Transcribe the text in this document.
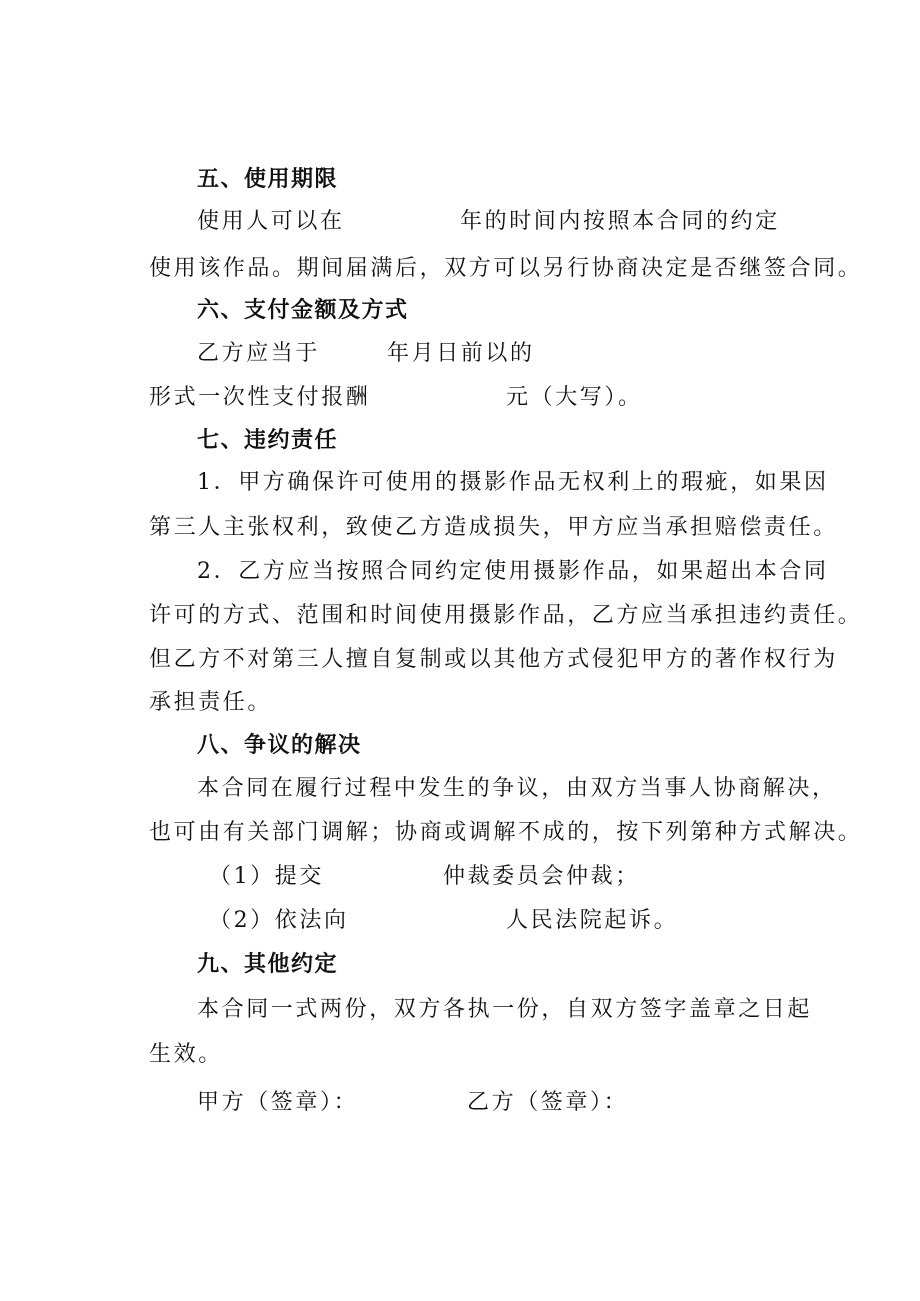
五、使用期限
使用人可以在	年的时间内按照本合同的约定
使用该作品。期间届满后，双方可以另行协商决定是否继签合同。
六、支付金额及方式
乙方应当于	年月日前以的
形式一次性支付报酬	元（大写）。
七、违约责任
1．甲方确保许可使用的摄影作品无权利上的瑕疵，如果因
第三人主张权利，致使乙方造成损失，甲方应当承担赔偿责任。
2．乙方应当按照合同约定使用摄影作品，如果超出本合同
许可的方式、范围和时间使用摄影作品，乙方应当承担违约责任。
但乙方不对第三人擅自复制或以其他方式侵犯甲方的著作权行为
承担责任。
八、争议的解决
本合同在履行过程中发生的争议，由双方当事人协商解决，
也可由有关部门调解；协商或调解不成的，按下列第种方式解决。
（1）提交	仲裁委员会仲裁；
（2）依法向	人民法院起诉。
九、其他约定
本合同一式两份，双方各执一份，自双方签字盖章之日起
生效。
甲方（签章）：	乙方（签章）：
